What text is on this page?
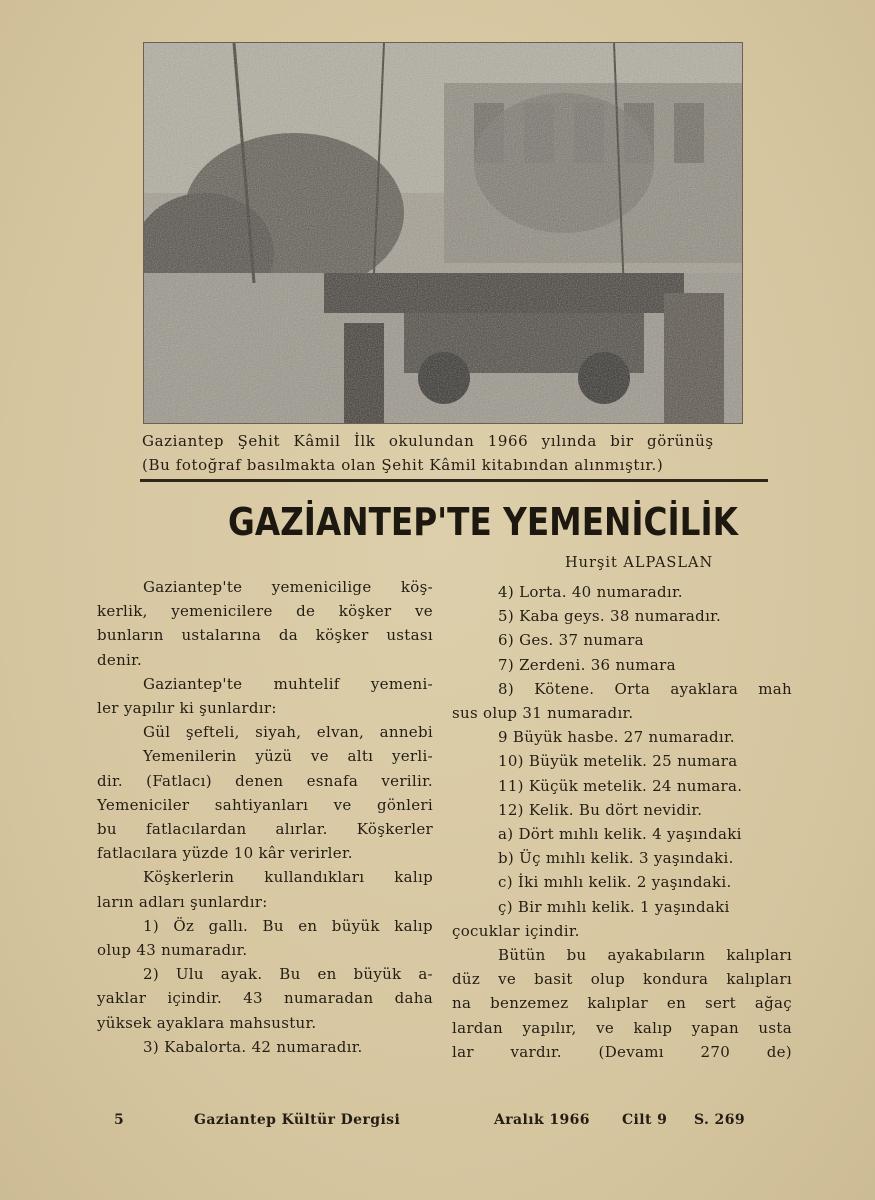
Gaziantep Şehit Kâmil İlk okulundan 1966 yılında bir görünüş
(Bu fotoğraf basılmakta olan Şehit Kâmil kitabından alınmıştır.)
GAZİANTEP'TE YEMENİCİLİK
Hurşit ALPASLAN

Gaziantep'te yemenicilige köş-

kerlik, yemenicilere de köşker ve

bunların ustalarına da köşker ustası

denir.

Gaziantep'te muhtelif yemeni-

ler yapılır ki şunlardır:

Gül şefteli, siyah, elvan, annebi

Yemenilerin yüzü ve altı yerli-

dir. (Fatlacı) denen esnafa verilir.

Yemeniciler sahtiyanları ve gönleri

bu fatlacılardan alırlar. Köşkerler

fatlacılara yüzde 10 kâr verirler.

Köşkerlerin kullandıkları kalıp

ların adları şunlardır:

1) Öz gallı. Bu en büyük kalıp

olup 43 numaradır.

2) Ulu ayak. Bu en büyük a-

yaklar içindir. 43 numaradan daha

yüksek ayaklara mahsustur.

3) Kabalorta. 42 numaradır.

4) Lorta. 40 numaradır.

5) Kaba geys. 38 numaradır.

6) Ges. 37 numara

7) Zerdeni. 36 numara

8) Kötene. Orta ayaklara mah

sus olup 31 numaradır.

9 Büyük hasbe. 27 numaradır.

10) Büyük metelik. 25 numara

11) Küçük metelik. 24 numara.

12) Kelik. Bu dört nevidir.

a) Dört mıhlı kelik. 4 yaşındaki

b) Üç mıhlı kelik. 3 yaşındaki.

c) İki mıhlı kelik. 2 yaşındaki.

ç) Bir mıhlı kelik. 1 yaşındaki

çocuklar içindir.

Bütün bu ayakabıların kalıpları

düz ve basit olup kondura kalıpları

na benzemez kalıplar en sert ağaç

lardan yapılır, ve kalıp yapan usta

lar vardır. (Devamı 270 de)

5	Gaziantep Kültür Dergisi	Aralık 1966 Cilt 9 S. 269
